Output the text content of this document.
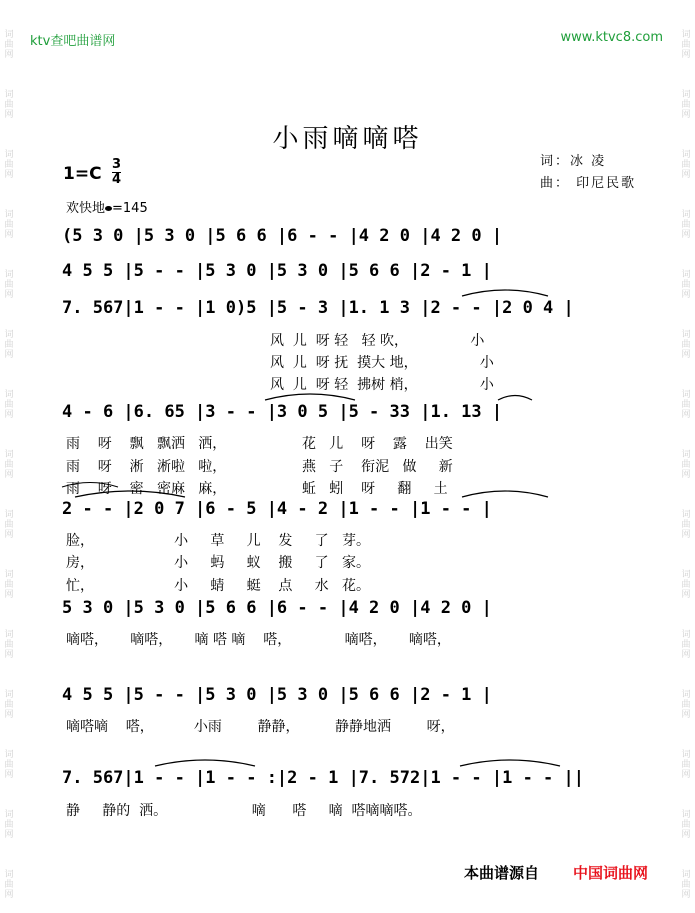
词
曲
网

词
曲
网

词
曲
网

词
曲
网

词
曲
网

词
曲
网

词
曲
网

词
曲
网

词
曲
网

词
曲
网

词
曲
网

词
曲
网

词
曲
网

词
曲
网

词
曲
网
词
曲
网

词
曲
网

词
曲
网

词
曲
网

词
曲
网

词
曲
网

词
曲
网

词
曲
网

词
曲
网

词
曲
网

词
曲
网

词
曲
网

词
曲
网

词
曲
网

词
曲
网
ktv查吧曲谱网	www.ktvc8.com
小雨嘀嘀嗒
词：冰 凌
曲： 印尼民歌
1=C 3
4
欢快地 =145
(5 3 0 |5 3 0 |5 6 6 |6 - - |4 2 0 |4 2 0 |
4 5 5 |5 - - |5 3 0 |5 3 0 |5 6 6 |2 - 1 |
7. 567|1 - - |1 0)5 |5 - 3 |1. 1 3 |2 - - |2 0 4 |
风  儿  呀 轻   轻 吹，              小
风  儿  呀 抚  摸大 地，              小
风  儿  呀 轻  拂树 梢，              小
4 - 6 |6. 65 |3 - - |3 0 5 |5 - 33 |1. 13 |
雨    呀    飘   飘洒   洒，                 花   儿    呀    露    出笑
雨    呀    淅   淅啦   啦，                 燕   子    衔泥   做     新
雨    呀    密   密麻   麻，                 蚯   蚓    呀     翻     土
2 - - |2 0 7 |6 - 5 |4 - 2 |1 - - |1 - - |
脸，                  小     草     儿    发     了   芽。
房，                  小     蚂     蚁    搬     了   家。
忙，                  小     蜻     蜓    点     水   花。
5 3 0 |5 3 0 |5 6 6 |6 - - |4 2 0 |4 2 0 |
嘀嗒，     嘀嗒，     嘀 嗒 嘀    嗒，            嘀嗒，     嘀嗒，
4 5 5 |5 - - |5 3 0 |5 3 0 |5 6 6 |2 - 1 |
嘀嗒嘀    嗒，         小雨        静静，        静静地洒        呀，
7. 567|1 - - |1 - - :|2 - 1 |7. 572|1 - - |1 - - ||
静     静的  洒。                   嘀      嗒     嘀  嗒嘀嘀嗒。
本曲谱源自 中国词曲网
